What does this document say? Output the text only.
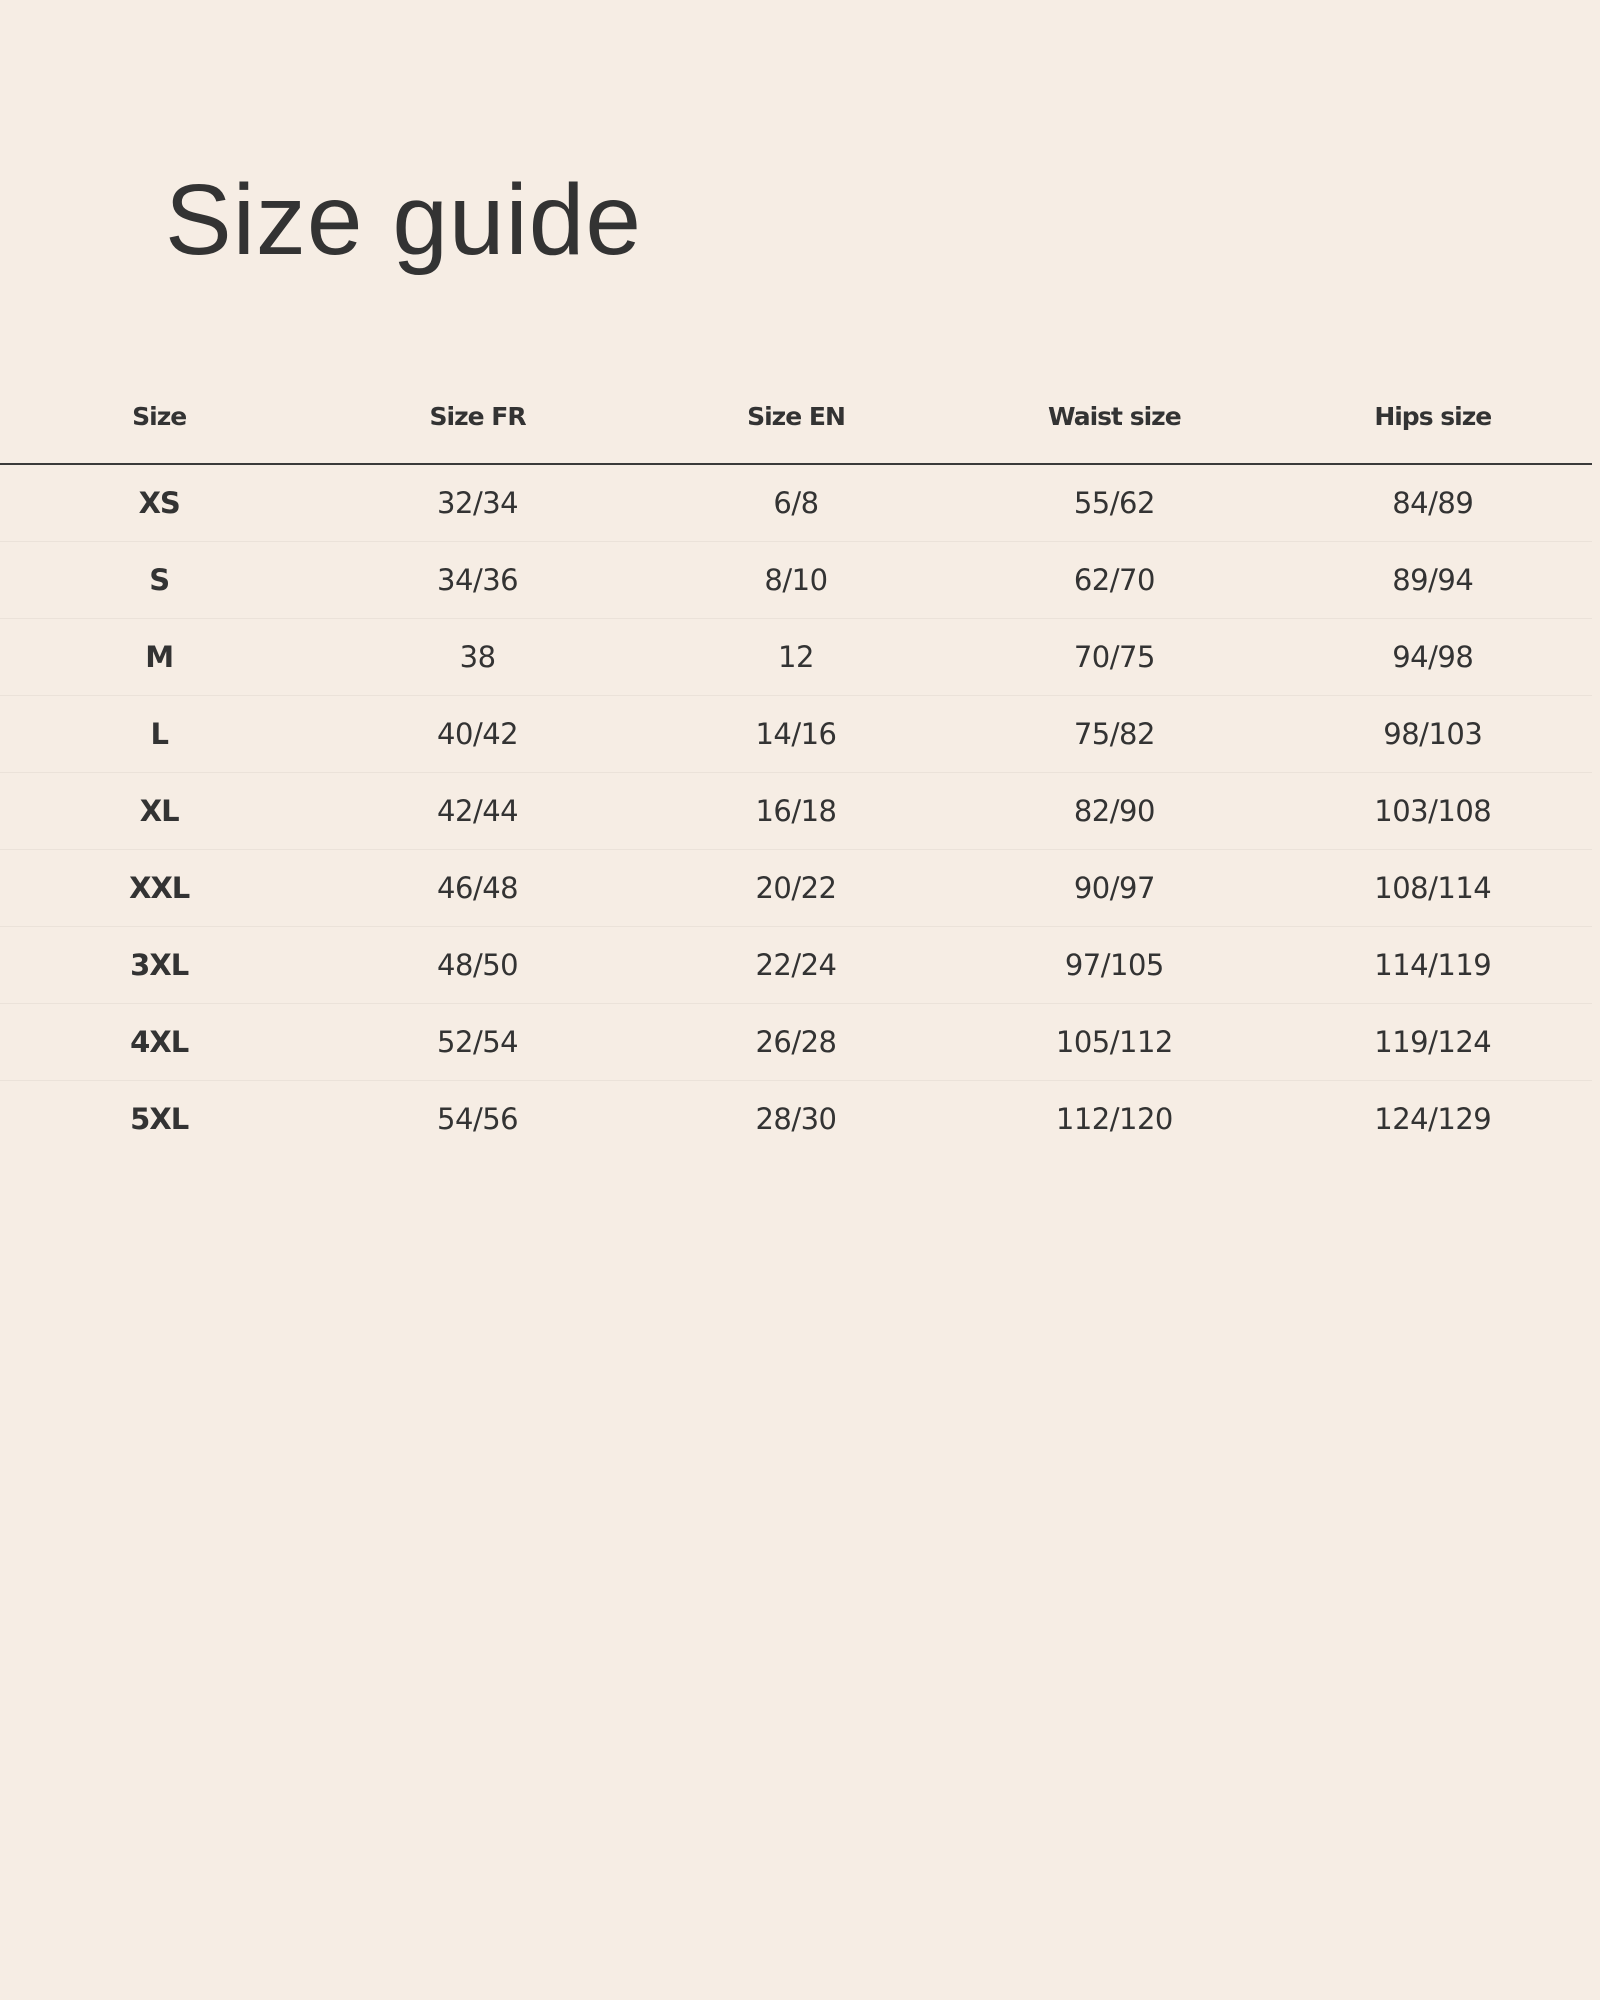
Size guide
Size	Size FR	Size EN	Waist size	Hips size
XS	32/34	6/8	55/62	84/89
S	34/36	8/10	62/70	89/94
M	38	12	70/75	94/98
L	40/42	14/16	75/82	98/103
XL	42/44	16/18	82/90	103/108
XXL	46/48	20/22	90/97	108/114
3XL	48/50	22/24	97/105	114/119
4XL	52/54	26/28	105/112	119/124
5XL	54/56	28/30	112/120	124/129
